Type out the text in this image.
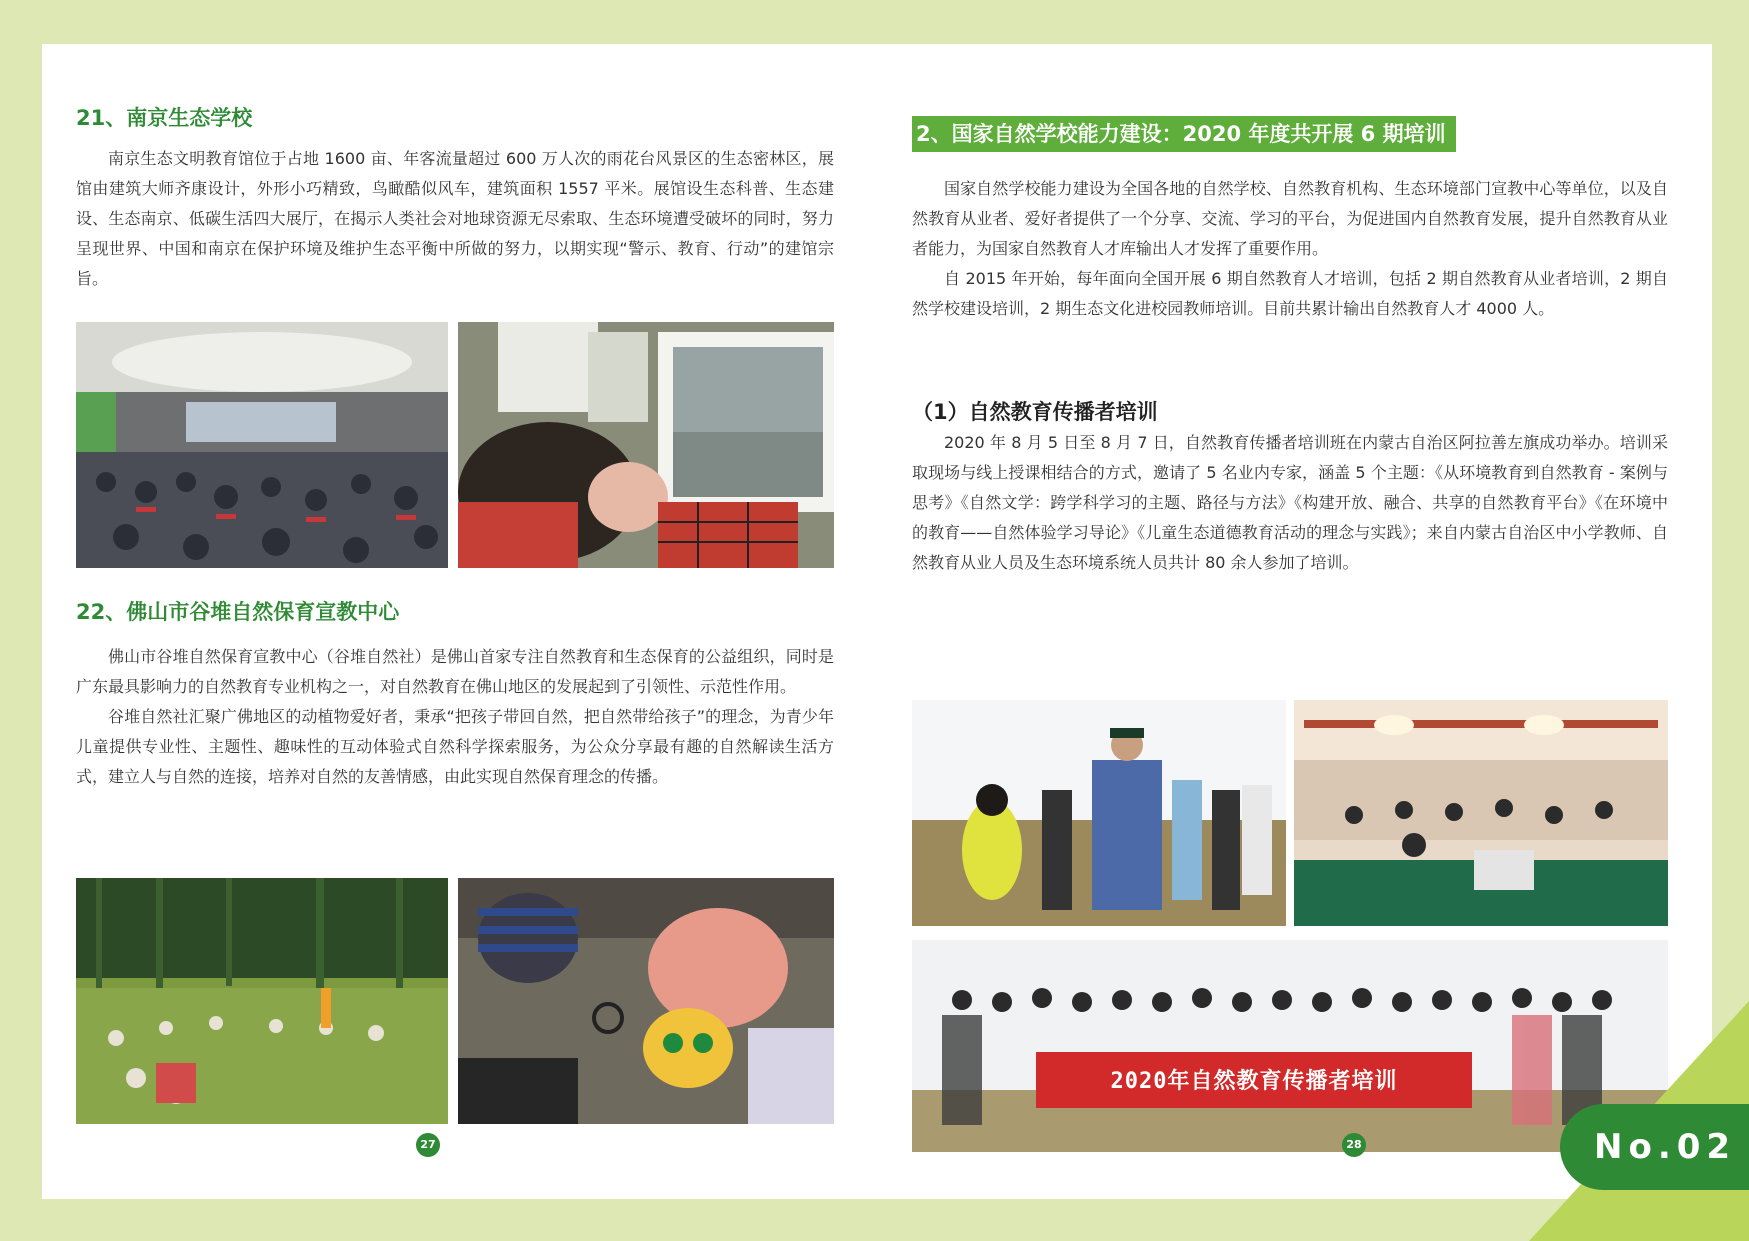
21、南京生态学校

南京生态文明教育馆位于占地 1600 亩、年客流量超过 600 万人次的雨花台风景区的生态密林区，展馆由建筑大师齐康设计，外形小巧精致，鸟瞰酷似风车，建筑面积 1557 平米。展馆设生态科普、生态建设、生态南京、低碳生活四大展厅，在揭示人类社会对地球资源无尽索取、生态环境遭受破坏的同时，努力呈现世界、中国和南京在保护环境及维护生态平衡中所做的努力，以期实现“警示、教育、行动”的建馆宗旨。

22、佛山市谷堆自然保育宣教中心

佛山市谷堆自然保育宣教中心（谷堆自然社）是佛山首家专注自然教育和生态保育的公益组织，同时是广东最具影响力的自然教育专业机构之一，对自然教育在佛山地区的发展起到了引领性、示范性作用。

谷堆自然社汇聚广佛地区的动植物爱好者，秉承“把孩子带回自然，把自然带给孩子”的理念，为青少年儿童提供专业性、主题性、趣味性的互动体验式自然科学探索服务，为公众分享最有趣的自然解读生活方式，建立人与自然的连接，培养对自然的友善情感，由此实现自然保育理念的传播。

27
2、国家自然学校能力建设：2020 年度共开展 6 期培训

国家自然学校能力建设为全国各地的自然学校、自然教育机构、生态环境部门宣教中心等单位，以及自然教育从业者、爱好者提供了一个分享、交流、学习的平台，为促进国内自然教育发展，提升自然教育从业者能力，为国家自然教育人才库输出人才发挥了重要作用。

自 2015 年开始，每年面向全国开展 6 期自然教育人才培训，包括 2 期自然教育从业者培训，2 期自然学校建设培训，2 期生态文化进校园教师培训。目前共累计输出自然教育人才 4000 人。

（1）自然教育传播者培训

2020 年 8 月 5 日至 8 月 7 日，自然教育传播者培训班在内蒙古自治区阿拉善左旗成功举办。培训采取现场与线上授课相结合的方式，邀请了 5 名业内专家，涵盖 5 个主题：《从环境教育到自然教育 - 案例与思考》《自然文学：跨学科学习的主题、路径与方法》《构建开放、融合、共享的自然教育平台》《在环境中的教育——自然体验学习导论》《儿童生态道德教育活动的理念与实践》；来自内蒙古自治区中小学教师、自然教育从业人员及生态环境系统人员共计 80 余人参加了培训。

2020年自然教育传播者培训
28	No.02
